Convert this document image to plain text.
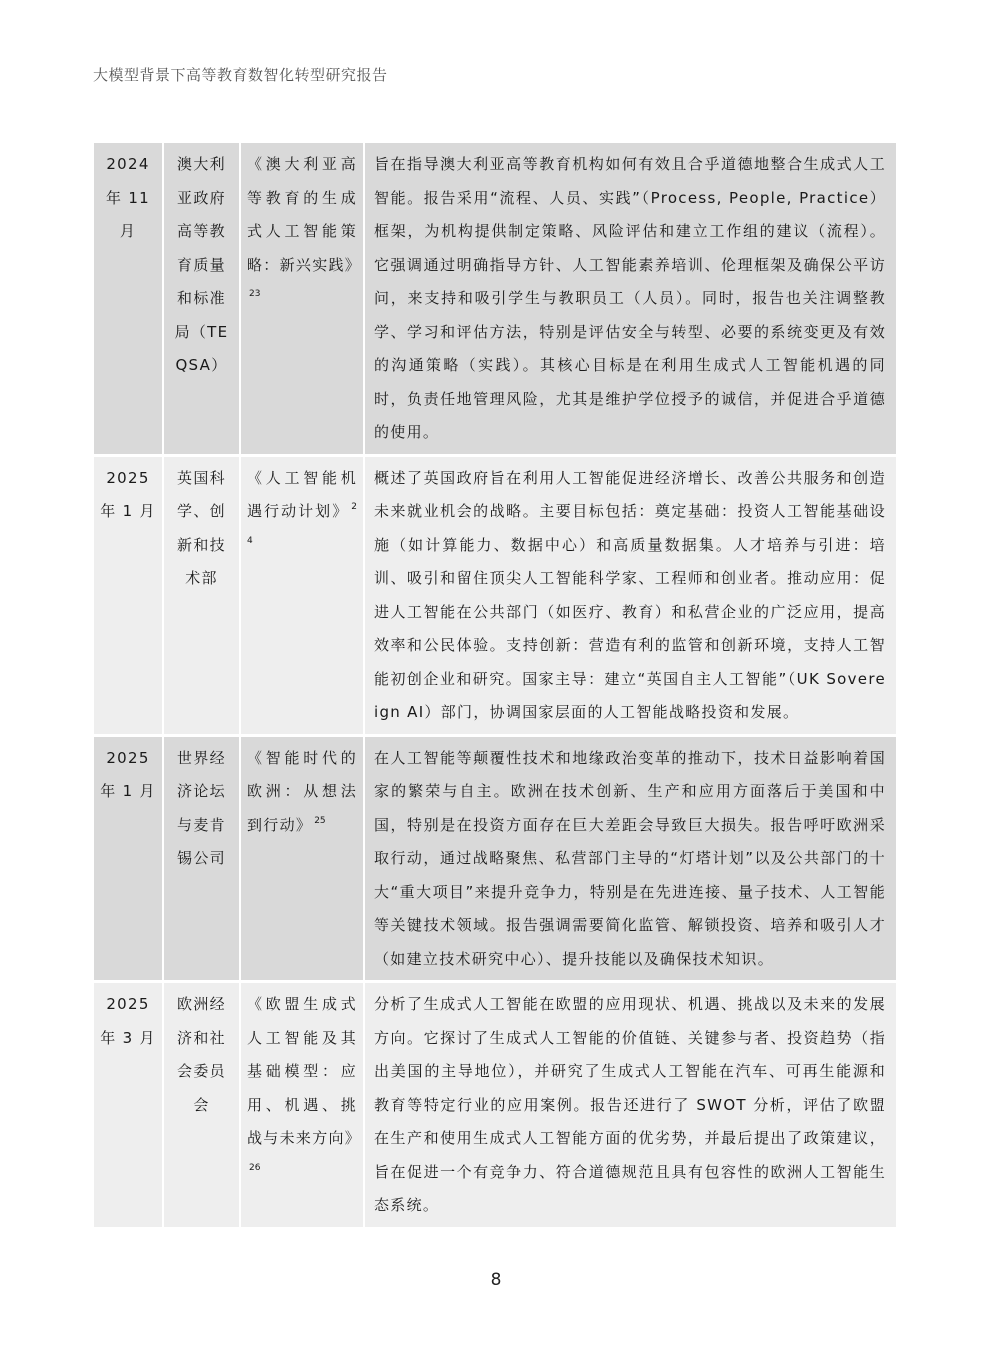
大模型背景下高等教育数智化转型研究报告
2024 年 11 月	澳大利亚政府高等教育质量和标准局（TEQSA）	《澳大利亚高等教育的生成式人工智能策略：新兴实践》$^{23}$	旨在指导澳大利亚高等教育机构如何有效且合乎道德地整合生成式人工智能。报告采用“流程、人员、实践”（Process, People, Practice）框架，为机构提供制定策略、风险评估和建立工作组的建议（流程）。它强调通过明确指导方针、人工智能素养培训、伦理框架及确保公平访问，来支持和吸引学生与教职员工（人员）。同时，报告也关注调整教学、学习和评估方法，特别是评估安全与转型、必要的系统变更及有效的沟通策略（实践）。其核心目标是在利用生成式人工智能机遇的同时，负责任地管理风险，尤其是维护学位授予的诚信，并促进合乎道德的使用。
2025 年 1 月	英国科学、创新和技术部	《人工智能机遇行动计划》 $^{24}$	概述了英国政府旨在利用人工智能促进经济增长、改善公共服务和创造未来就业机会的战略。主要目标包括：奠定基础：投资人工智能基础设施（如计算能力、数据中心）和高质量数据集。人才培养与引进：培训、吸引和留住顶尖人工智能科学家、工程师和创业者。推动应用：促进人工智能在公共部门（如医疗、教育）和私营企业的广泛应用，提高效率和公民体验。支持创新：营造有利的监管和创新环境，支持人工智能初创企业和研究。国家主导：建立“英国自主人工智能”（UK Sovereign AI）部门，协调国家层面的人工智能战略投资和发展。
2025 年 1 月	世界经济论坛与麦肯锡公司	《智能时代的欧洲：从想法到行动》 $^{25}$	在人工智能等颠覆性技术和地缘政治变革的推动下，技术日益影响着国家的繁荣与自主。欧洲在技术创新、生产和应用方面落后于美国和中国，特别是在投资方面存在巨大差距会导致巨大损失。报告呼吁欧洲采取行动，通过战略聚焦、私营部门主导的“灯塔计划”以及公共部门的十大“重大项目”来提升竞争力，特别是在先进连接、量子技术、人工智能等关键技术领域。报告强调需要简化监管、解锁投资、培养和吸引人才（如建立技术研究中心）、提升技能以及确保技术知识。
2025 年 3 月	欧洲经济和社会委员会	《欧盟生成式人工智能及其基础模型：应用、机遇、挑战与未来方向》$^{26}$	分析了生成式人工智能在欧盟的应用现状、机遇、挑战以及未来的发展方向。它探讨了生成式人工智能的价值链、关键参与者、投资趋势（指出美国的主导地位），并研究了生成式人工智能在汽车、可再生能源和教育等特定行业的应用案例。报告还进行了 SWOT 分析，评估了欧盟在生产和使用生成式人工智能方面的优劣势，并最后提出了政策建议，旨在促进一个有竞争力、符合道德规范且具有包容性的欧洲人工智能生态系统。
8
